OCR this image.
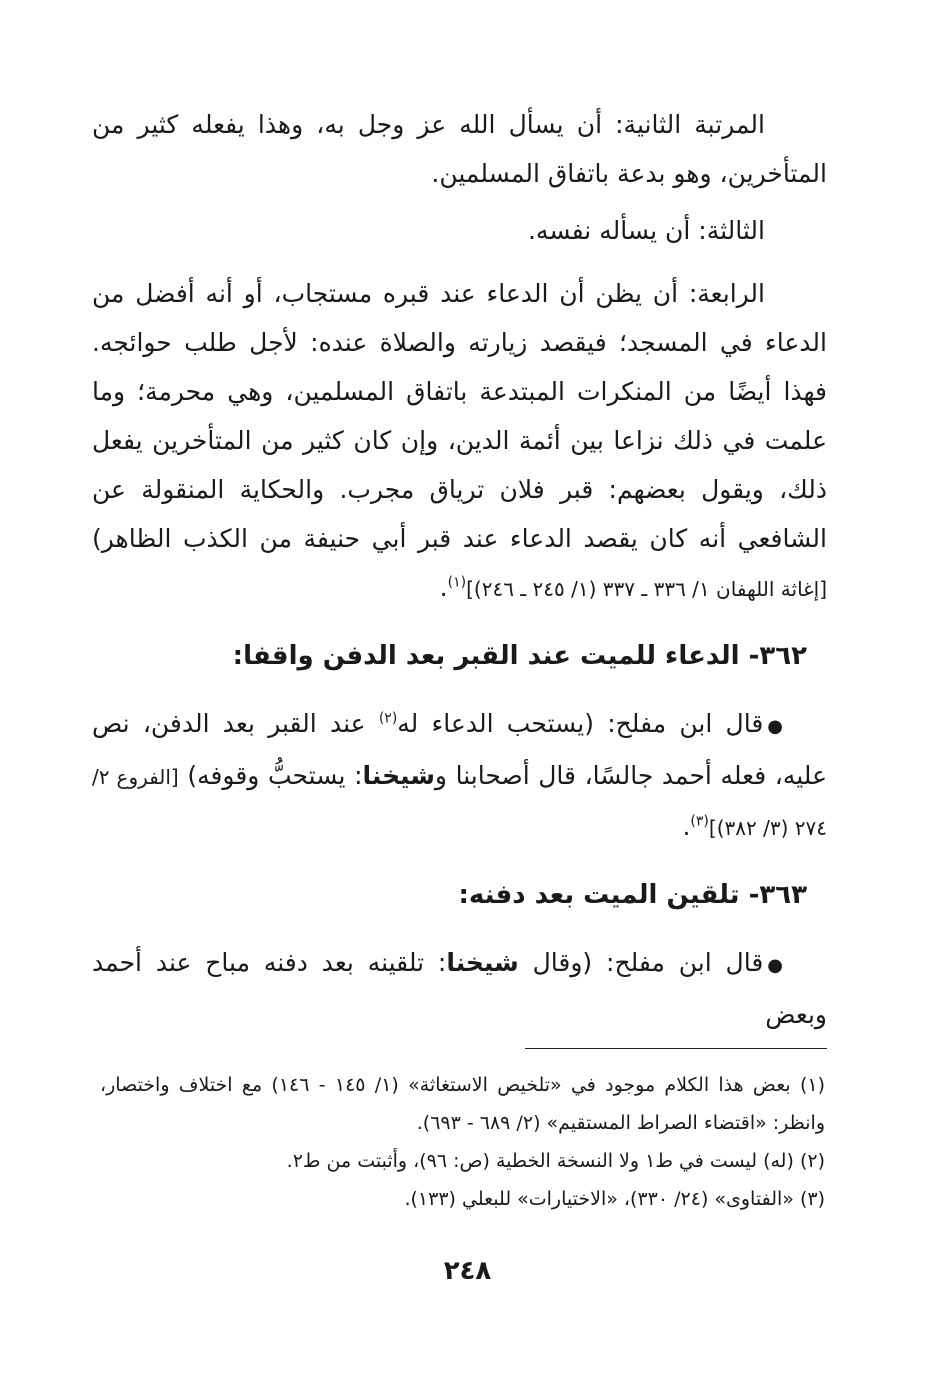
المرتبة الثانية: أن يسأل الله عز وجل به، وهذا يفعله كثير من المتأخرين، وهو بدعة باتفاق المسلمين.

الثالثة: أن يسأله نفسه.

الرابعة: أن يظن أن الدعاء عند قبره مستجاب، أو أنه أفضل من الدعاء في المسجد؛ فيقصد زيارته والصلاة عنده: لأجل طلب حوائجه. فهذا أيضًا من المنكرات المبتدعة باتفاق المسلمين، وهي محرمة؛ وما علمت في ذلك نزاعا بين أئمة الدين، وإن كان كثير من المتأخرين يفعل ذلك، ويقول بعضهم: قبر فلان ترياق مجرب. والحكاية المنقولة عن الشافعي أنه كان يقصد الدعاء عند قبر أبي حنيفة من الكذب الظاهر) [إغاثة اللهفان ١/ ٣٣٦ ـ ٣٣٧ (١/ ٢٤٥ ـ ٢٤٦)]$^{(١)}$.

٣٦٢- الدعاء للميت عند القبر بعد الدفن واقفا:

●قال ابن مفلح: (يستحب الدعاء له$^{(٢)}$ عند القبر بعد الدفن، نص عليه، فعله أحمد جالسًا، قال أصحابنا وشيخنا: يستحبُّ وقوفه) [الفروع ٢/ ٢٧٤ (٣/ ٣٨٢)]$^{(٣)}$.

٣٦٣- تلقين الميت بعد دفنه:

●قال ابن مفلح: (وقال شيخنا: تلقينه بعد دفنه مباح عند أحمد وبعض

(١) بعض هذا الكلام موجود في «تلخيص الاستغاثة» (١/ ١٤٥ - ١٤٦) مع اختلاف واختصار، وانظر: «اقتضاء الصراط المستقيم» (٢/ ٦٨٩ - ٦٩٣).

(٢) (له) ليست في ط١ ولا النسخة الخطية (ص: ٩٦)، وأثبتت من ط٢.

(٣) «الفتاوى» (٢٤/ ٣٣٠)، «الاختيارات» للبعلي (١٣٣).

٢٤٨
